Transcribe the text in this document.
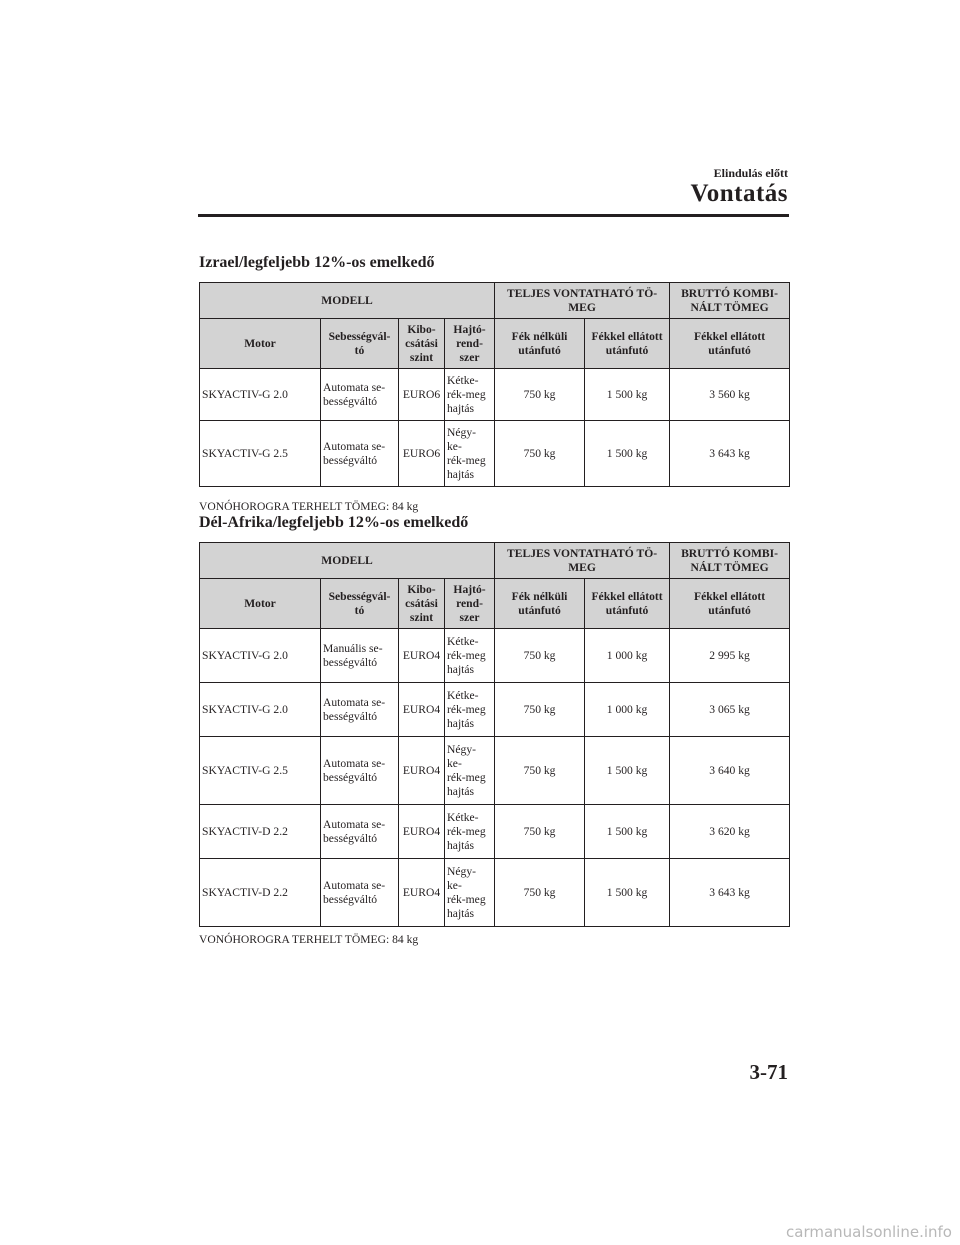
Elindulás előtt
Vontatás
Izrael/legfeljebb 12%-os emelkedő
MODELL				TELJES VONTATHATÓ TÖ-
MEG		BRUTTÓ KOMBI-
NÁLT TÖMEG

Motor	Sebességvál-
tó	Kibo-
csátási
szint	Hajtó-
rend-
szer	Fék nélküli
utánfutó	Fékkel ellátott
utánfutó	Fékkel ellátott
utánfutó

SKYACTIV-G 2.0	Automata se-
bességváltó	EURO6	Kétke-
rék-meg
hajtás	750 kg	1 500 kg	3 560 kg

SKYACTIV-G 2.5	Automata se-
bességváltó	EURO6	Négy-
ke-
rék-meg
hajtás	750 kg	1 500 kg	3 643 kg
VONÓHOROGRA TERHELT TÖMEG: 84 kg
Dél-Afrika/legfeljebb 12%-os emelkedő
MODELL				TELJES VONTATHATÓ TÖ-
MEG		BRUTTÓ KOMBI-
NÁLT TÖMEG

Motor	Sebességvál-
tó	Kibo-
csátási
szint	Hajtó-
rend-
szer	Fék nélküli
utánfutó	Fékkel ellátott
utánfutó	Fékkel ellátott
utánfutó

SKYACTIV-G 2.0	Manuális se-
bességváltó	EURO4	Kétke-
rék-meg
hajtás	750 kg	1 000 kg	2 995 kg

SKYACTIV-G 2.0	Automata se-
bességváltó	EURO4	Kétke-
rék-meg
hajtás	750 kg	1 000 kg	3 065 kg

SKYACTIV-G 2.5	Automata se-
bességváltó	EURO4	Négy-
ke-
rék-meg
hajtás	750 kg	1 500 kg	3 640 kg

SKYACTIV-D 2.2	Automata se-
bességváltó	EURO4	Kétke-
rék-meg
hajtás	750 kg	1 500 kg	3 620 kg

SKYACTIV-D 2.2	Automata se-
bességváltó	EURO4	Négy-
ke-
rék-meg
hajtás	750 kg	1 500 kg	3 643 kg
VONÓHOROGRA TERHELT TÖMEG: 84 kg
3-71
carmanualsonline.info
